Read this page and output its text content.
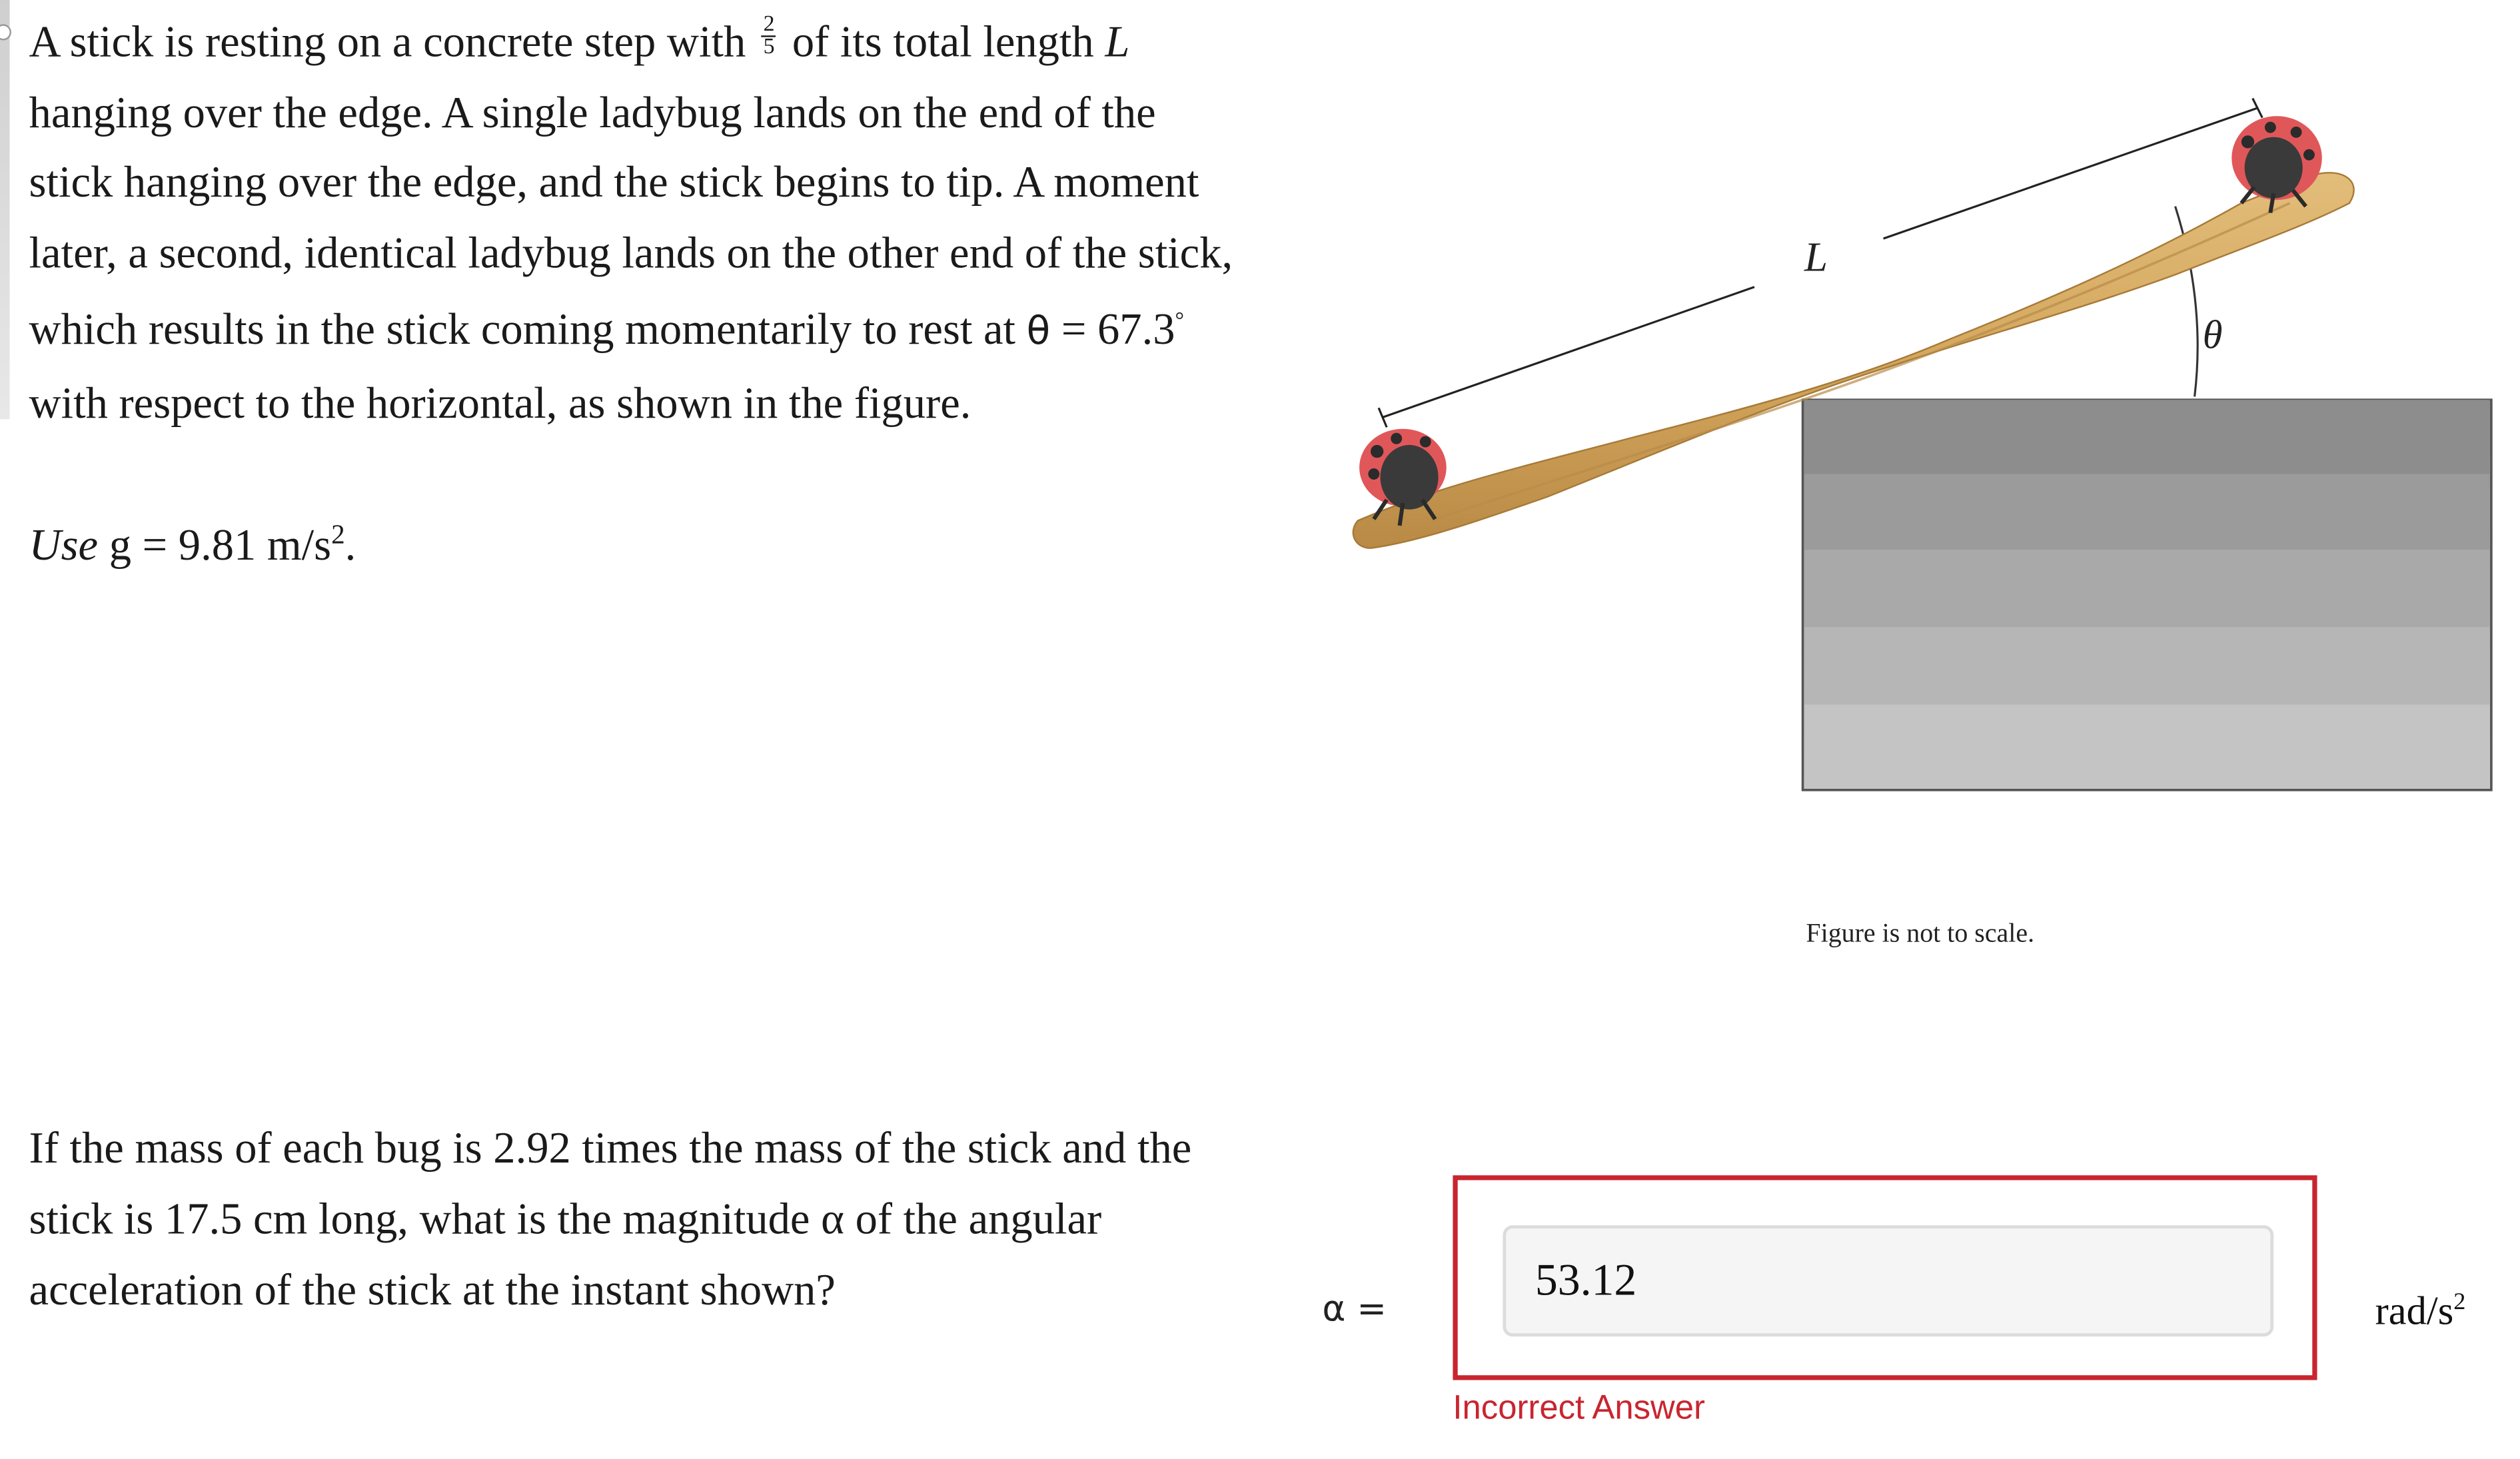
A stick is resting on a concrete step with $\frac{2}{5}$ of its total length L hanging over the edge. A single ladybug lands on the end of the stick hanging over the edge, and the stick begins to tip. A moment later, a second, identical ladybug lands on the other end of the stick, which results in the stick coming momentarily to rest at θ = 67.3° with respect to the horizontal, as shown in the figure.

Use g = 9.81 $m/s^2$.
L
θ
Figure is not to scale.
If the mass of each bug is 2.92 times the mass of the stick and the stick is 17.5 cm long, what is the magnitude α of the angular acceleration of the stick at the instant shown?	α =
53.12	rad/$s^2$
Incorrect Answer
